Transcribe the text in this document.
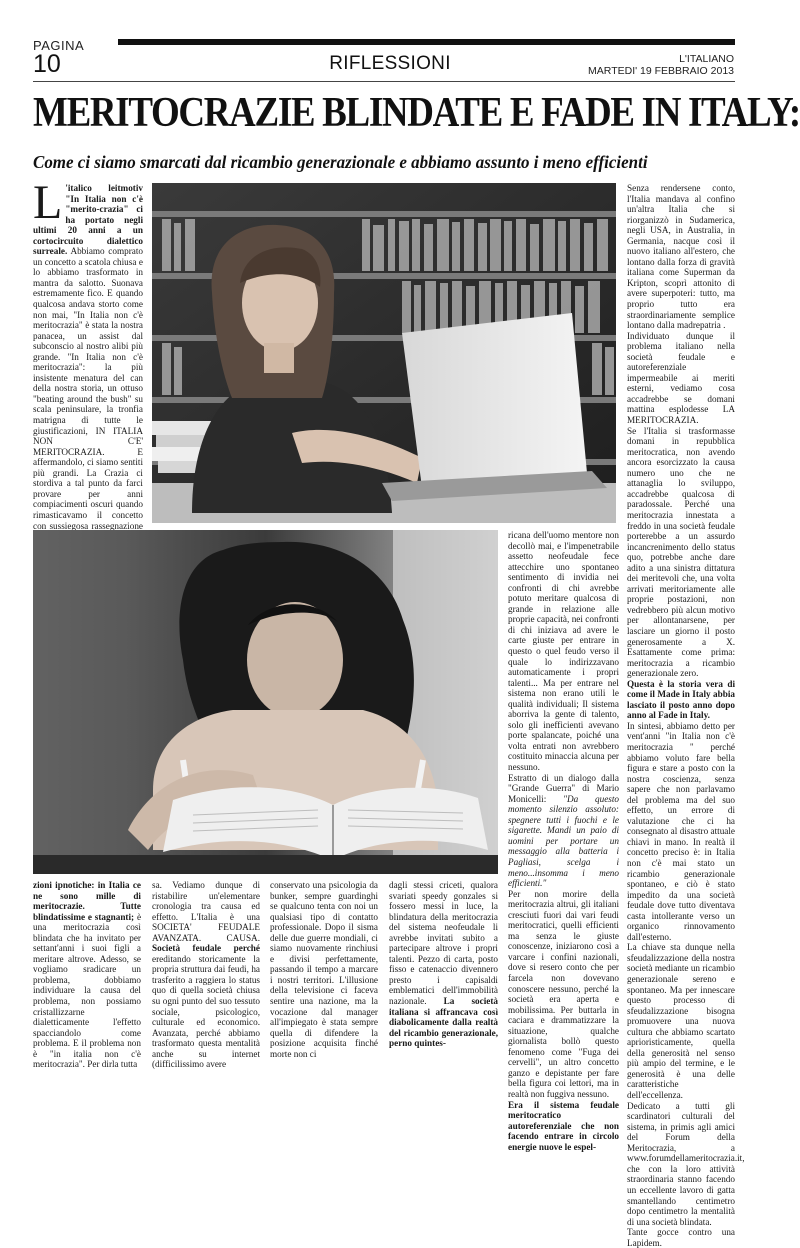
PAGINA
10	RIFLESSIONI	L'ITALIANO
MARTEDI' 19 FEBBRAIO 2013
MERITOCRAZIE BLINDATE E FADE IN ITALY:
Come ci siamo smarcati dal ricambio generazionale e abbiamo assunto i meno efficienti

L 'italico leitmotiv "In Italia non c'è "merito-crazia" ci ha portato negli ultimi 20 anni a un cortocircuito dialettico surreale. Abbiamo comprato un concetto a scatola chiusa e lo abbiamo trasformato in mantra da salotto. Suonava estremamente fico. E quando qualcosa andava storto come non mai, "In Italia non c'è meritocrazia" è stata la nostra panacea, un assist dal subconscio al nostro alibi più grande. "In Italia non c'è meritocrazia": la più insistente menatura del can della nostra storia, un ottuso "beating around the bush" su scala peninsulare, la tronfia matrigna di tutte le giustificazioni, IN ITALIA NON C'E' MERITOCRAZIA. E affermandolo, ci siamo sentiti più grandi. La Crazia ci stordiva a tal punto da farci provare per anni compiacimenti oscuri quando rimasticavamo il concetto con sussiegosa rassegnazione

Senza rendersene conto, l'Italia mandava al confino un'altra Italia che si riorganizzò in Sudamerica, negli USA, in Australia, in Germania, nacque così il nuovo italiano all'estero, che lontano dalla forza di gravità italiana come Superman da Kripton, scoprì attonito di avere superpoteri: tutto, ma proprio tutto era straordinariamente semplice lontano dalla madrepatria .

Individuato dunque il problema italiano nella società feudale e autoreferenziale impermeabile ai meriti esterni, vediamo cosa accadrebbe se domani mattina esplodesse LA MERITOCRAZIA.

Se l'Italia si trasformasse domani in repubblica meritocratica, non avendo ancora esorcizzato la causa numero uno che ne attanaglia lo sviluppo, accadrebbe qualcosa di paradossale. Perché una meritocrazia innestata a freddo in una società feudale porterebbe a un assurdo incancrenimento dello status quo, potrebbe anche dare adito a una sinistra dittatura dei meritevoli che, una volta arrivati meritoriamente alle proprie postazioni, non vedrebbero più alcun motivo per allontanarsene, per lasciare un giorno il posto generosamente a X. Esattamente come prima: meritocrazia a ricambio generazionale zero.

Questa è la storia vera di come il Made in Italy abbia lasciato il posto anno dopo anno al Fade in Italy.

In sintesi, abbiamo detto per vent'anni "in Italia non c'è meritocrazia " perché abbiamo voluto fare bella figura e stare a posto con la nostra coscienza, senza sapere che non parlavamo del problema ma del suo effetto, un errore di valutazione che ci ha consegnato al disastro attuale chiavi in mano. In realtà il concetto preciso è: in Italia non c'è mai stato un ricambio generazionale spontaneo, e ciò è stato impedito da una società feudale dove tutto diventava casta intollerante verso un organico rinnovamento dall'esterno.

La chiave sta dunque nella sfeudalizzazione della nostra società mediante un ricambio generazionale sereno e spontaneo. Ma per innescare questo processo di sfeudalizzazione bisogna promuovere una nuova cultura che abbiamo scartato aprioristicamente, quella della generosità nel senso più ampio del termine, e le generosità è una delle caratteristiche dell'eccellenza.

Dedicato a tutti gli scardinatori culturali del sistema, in primis agli amici del Forum della Meritocrazia, a www.forumdellameritocrazia.it, che con la loro attività straordinaria stanno facendo un eccellente lavoro di gatta smantellando centimetro dopo centimetro la mentalità di una società blindata.

Tante gocce contro una Lapidem.

ricana dell'uomo mentore non decollò mai, e l'impenetrabile assetto neofeudale fece attecchire uno spontaneo sentimento di invidia nei confronti di chi avrebbe potuto meritare qualcosa di grande in relazione alle proprie capacità, nei confronti di chi iniziava ad avere le carte giuste per entrare in questo o quel feudo verso il quale lo indirizzavano automaticamente i propri talenti... Ma per entrare nel sistema non erano utili le qualità individuali; Il sistema aborriva la gente di talento, solo gli inefficienti avevano porte spalancate, poiché una volta entrati non avrebbero costituito minaccia alcuna per nessuno.

Estratto di un dialogo dalla "Grande Guerra" di Mario Monicelli: "Da questo momento silenzio assoluto: spegnere tutti i fuochi e le sigarette. Mandi un paio di uomini per portare un messaggio alla batteria i Pagliasi, scelga i meno...insomma i meno efficienti."

Per non morire della meritocrazia altrui, gli italiani cresciuti fuori dai vari feudi meritocratici, quelli efficienti ma senza le giuste conoscenze, iniziarono così a varcare i confini nazionali, dove si resero conto che per farcela non dovevano conoscere nessuno, perché la società era aperta e mobilissima. Per buttarla in caciara e drammatizzare la situazione, qualche giornalista bollò questo fenomeno come "Fuga dei cervelli", un altro concetto ganzo e depistante per fare bella figura coi lettori, ma in realtà non fuggiva nessuno.

Era il sistema feudale meritocratico autoreferenziale che non facendo entrare in circolo energie nuove le espel-

zioni ipnotiche: in Italia ce ne sono mille di meritocrazie. Tutte blindatissime e stagnanti; è una meritocrazia così blindata che ha invitato per settant'anni i suoi figli a meritare altrove. Adesso, se vogliamo sradicare un problema, dobbiamo individuare la causa del problema, non possiamo cristallizzarne dialetticamente l'effetto spacciandolo come problema. E il problema non è "in italia non c'è meritocrazia". Per dirla tutta

sa. Vediamo dunque di ristabilire un'elementare cronologia tra causa ed effetto. L'Italia è una SOCIETA' FEUDALE AVANZATA. CAUSA. Società feudale perché ereditando storicamente la propria struttura dai feudi, ha trasferito a raggiera lo status quo di quella società chiusa su ogni punto del suo tessuto sociale, psicologico, culturale ed economico. Avanzata, perché abbiamo trasformato questa mentalità anche su internet (difficilissimo avere

conservato una psicologia da bunker, sempre guardinghi se qualcuno tenta con noi un qualsiasi tipo di contatto professionale. Dopo il sisma delle due guerre mondiali, ci siamo nuovamente rinchiusi e divisi perfettamente, passando il tempo a marcare i nostri territori. L'illusione della televisione ci faceva sentire una nazione, ma la vocazione dal manager all'impiegato è stata sempre quella di difendere la posizione acquisita finché morte non ci

dagli stessi criceti, qualora svariati speedy gonzales si fossero messi in luce, la blindatura della meritocrazia del sistema neofeudale li avrebbe invitati subito a partecipare altrove i propri talenti. Pezzo di carta, posto fisso e catenaccio divennero presto i capisaldi emblematici dell'immobilità nazionale. La società italiana si affrancava così diabolicamente dalla realtà del ricambio generazionale, perno quintes-
